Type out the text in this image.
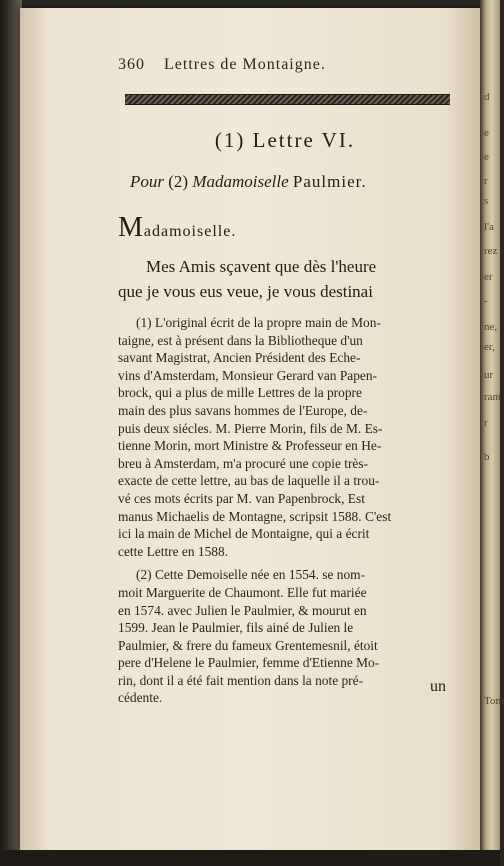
d
e
e
r
s
l'a
rez
er
-
ne,
er,
ur
rant
r
b
Tom
360 Lettres de Montaigne.
(1) Lettre VI.
Pour (2) Madamoiselle Paulmier.
Madamoiselle.
Mes Amis sçavent que dès l'heure
que je vous eus veue, je vous destinai
(1) L'original écrit de la propre main de Mon-
taigne, est à présent dans la Bibliotheque d'un
savant Magistrat, Ancien Président des Eche-
vins d'Amsterdam, Monsieur Gerard van Papen-
brock, qui a plus de mille Lettres de la propre
main des plus savans hommes de l'Europe, de-
puis deux siécles. M. Pierre Morin, fils de M. Es-
tienne Morin, mort Ministre & Professeur en He-
breu à Amsterdam, m'a procuré une copie très-
exacte de cette lettre, au bas de laquelle il a trou-
vé ces mots écrits par M. van Papenbrock, Est
manus Michaelis de Montagne, scripsit 1588. C'est
ici la main de Michel de Montaigne, qui a écrit
cette Lettre en 1588.
(2) Cette Demoiselle née en 1554. se nom-
moit Marguerite de Chaumont. Elle fut mariée
en 1574. avec Julien le Paulmier, & mourut en
1599. Jean le Paulmier, fils ainé de Julien le
Paulmier, & frere du fameux Grentemesnil, étoit
pere d'Helene le Paulmier, femme d'Etienne Mo-
rin, dont il a été fait mention dans la note pré-
cédente.
un
